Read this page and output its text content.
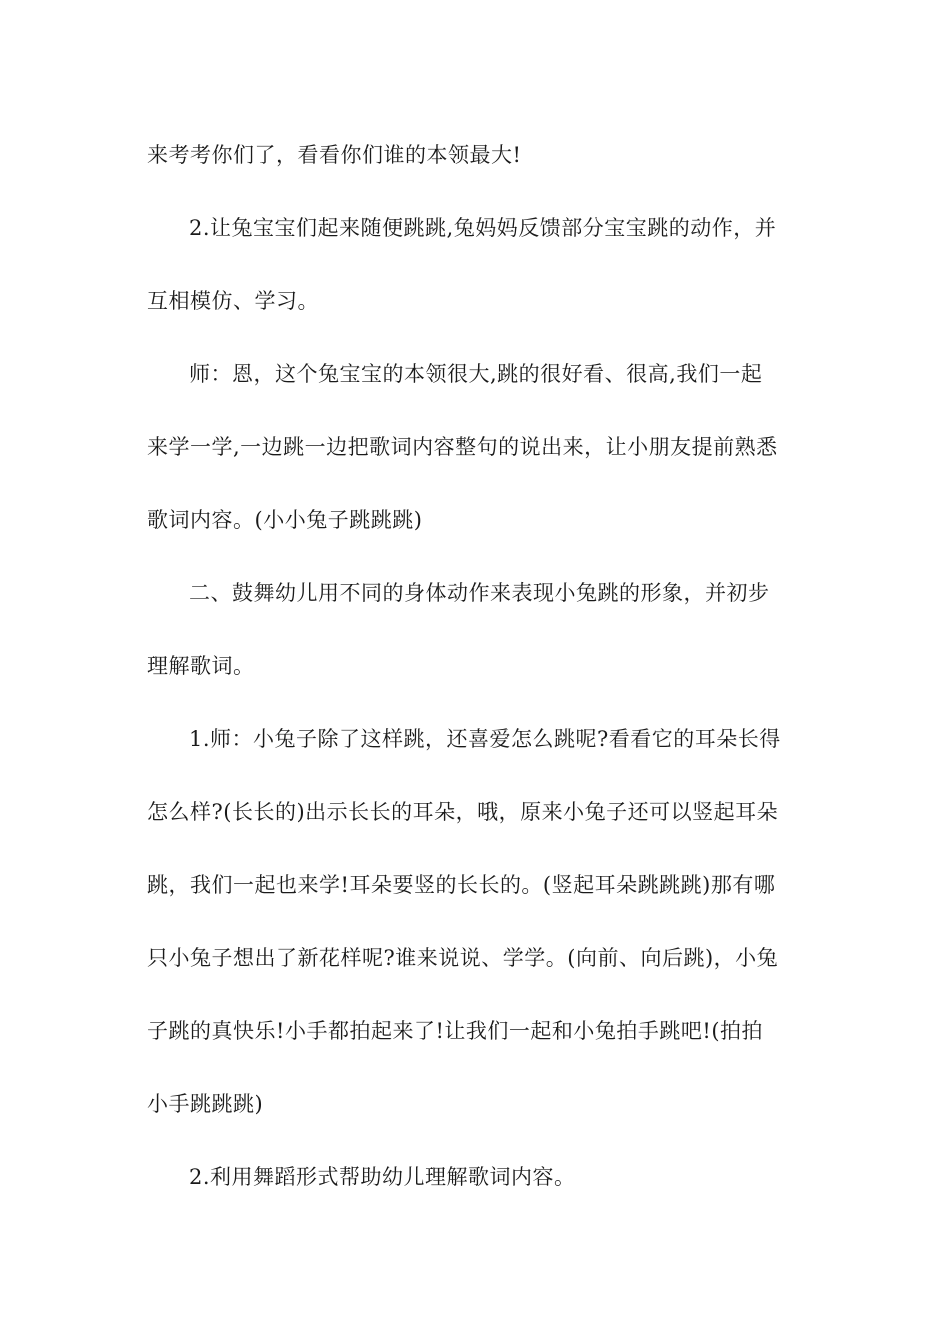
来考考你们了，看看你们谁的本领最大!

2.让兔宝宝们起来随便跳跳,兔妈妈反馈部分宝宝跳的动作，并

互相模仿、学习。

师：恩，这个兔宝宝的本领很大,跳的很好看、很高,我们一起

来学一学,一边跳一边把歌词内容整句的说出来，让小朋友提前熟悉

歌词内容。(小小兔子跳跳跳)

二、鼓舞幼儿用不同的身体动作来表现小兔跳的形象，并初步

理解歌词。

1.师：小兔子除了这样跳，还喜爱怎么跳呢?看看它的耳朵长得

怎么样?(长长的)出示长长的耳朵，哦，原来小兔子还可以竖起耳朵

跳，我们一起也来学!耳朵要竖的长长的。(竖起耳朵跳跳跳)那有哪

只小兔子想出了新花样呢?谁来说说、学学。(向前、向后跳)，小兔

子跳的真快乐!小手都拍起来了!让我们一起和小兔拍手跳吧!(拍拍

小手跳跳跳)

2.利用舞蹈形式帮助幼儿理解歌词内容。
